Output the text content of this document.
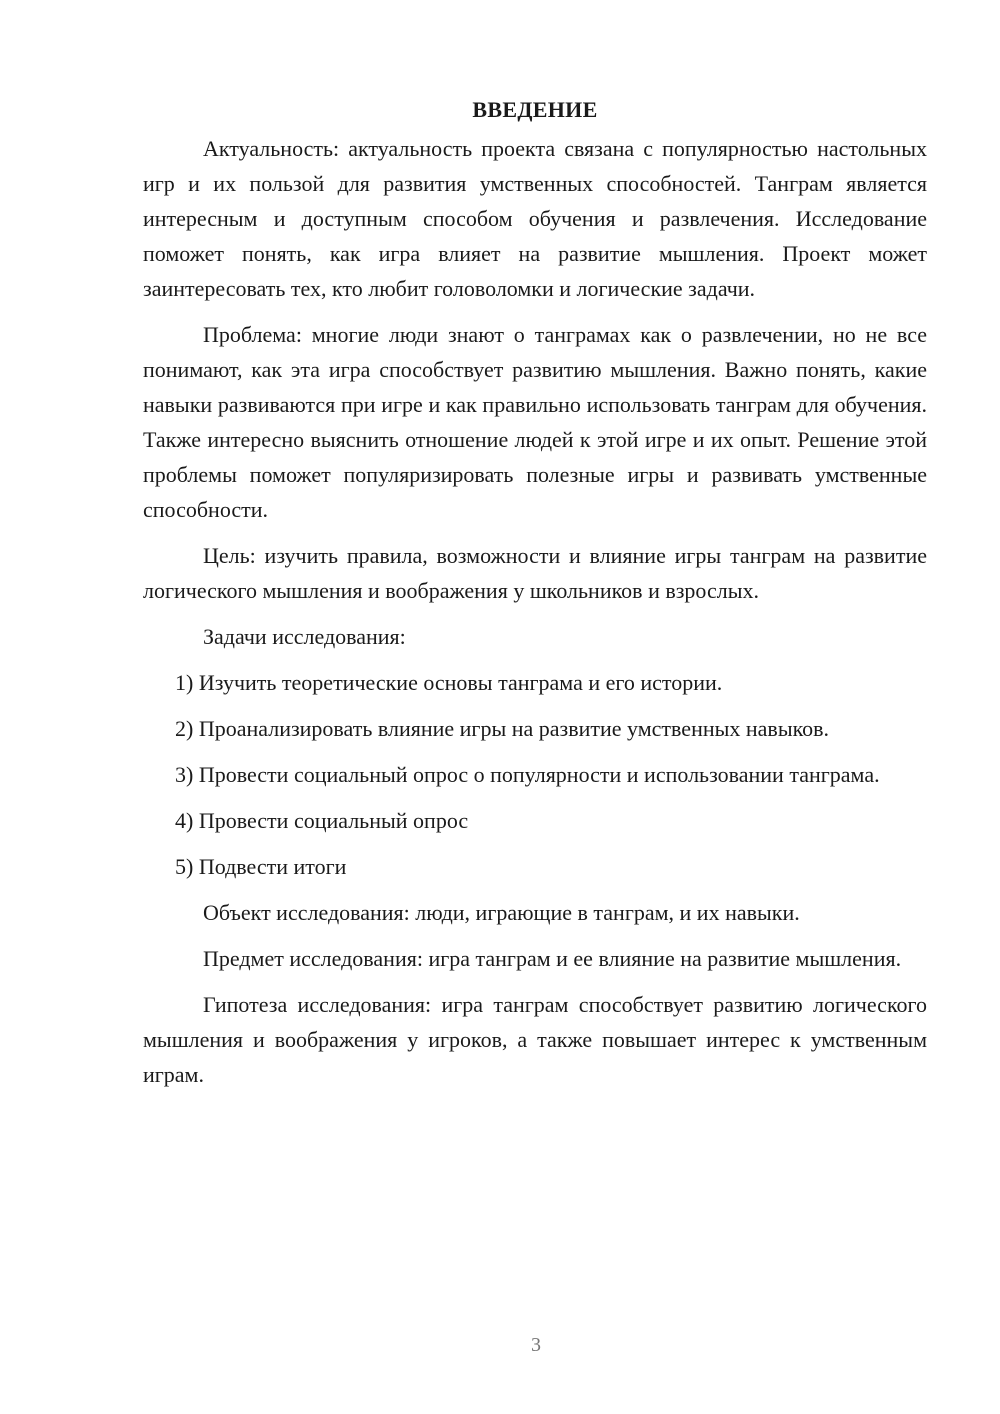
ВВЕДЕНИЕ

Актуальность: актуальность проекта связана с популярностью настольных игр и их пользой для развития умственных способностей. Танграм является интересным и доступным способом обучения и развлечения. Исследование поможет понять, как игра влияет на развитие мышления. Проект может заинтересовать тех, кто любит головоломки и логические задачи.

Проблема: многие люди знают о танграмах как о развлечении, но не все понимают, как эта игра способствует развитию мышления. Важно понять, какие навыки развиваются при игре и как правильно использовать танграм для обучения. Также интересно выяснить отношение людей к этой игре и их опыт. Решение этой проблемы поможет популяризировать полезные игры и развивать умственные способности.

Цель: изучить правила, возможности и влияние игры танграм на развитие логического мышления и воображения у школьников и взрослых.

Задачи исследования:

1) Изучить теоретические основы танграма и его истории.

2) Проанализировать влияние игры на развитие умственных навыков.

3) Провести социальный опрос о популярности и использовании танграма.

4) Провести социальный опрос

5) Подвести итоги

Объект исследования: люди, играющие в танграм, и их навыки.

Предмет исследования: игра танграм и ее влияние на развитие мышления.

Гипотеза исследования: игра танграм способствует развитию логического мышления и воображения у игроков, а также повышает интерес к умственным играм.

3
